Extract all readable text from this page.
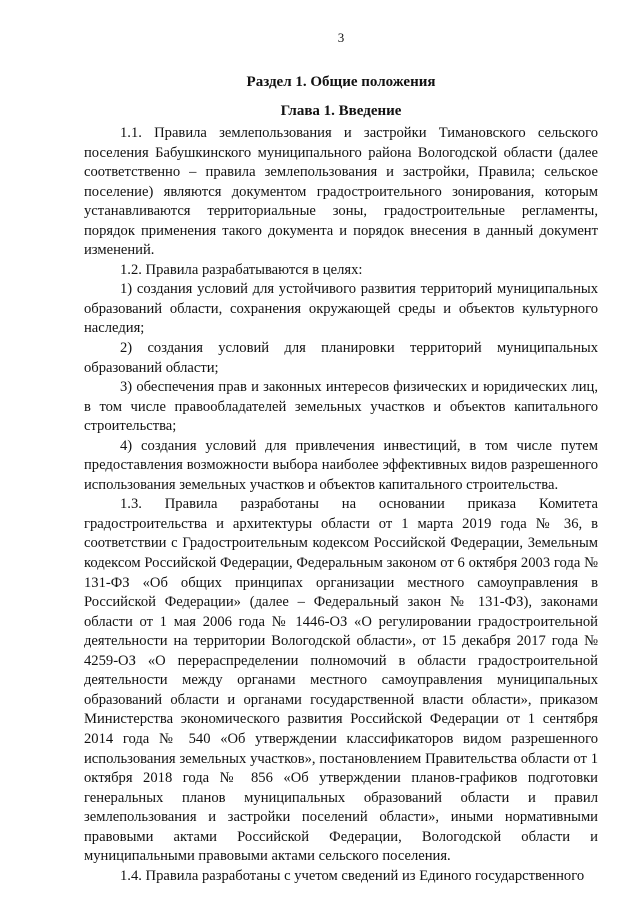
3
Раздел 1. Общие положения
Глава 1. Введение

1.1. Правила землепользования и застройки Тимановского сельского поселения Бабушкинского муниципального района Вологодской области (далее соответственно – правила землепользования и застройки, Правила; сельское поселение) являются документом градостроительного зонирования, которым устанавливаются территориальные зоны, градостроительные регламенты, порядок применения такого документа и порядок внесения в данный документ изменений.

1.2. Правила разрабатываются в целях:

1) создания условий для устойчивого развития территорий муниципальных образований области, сохранения окружающей среды и объектов культурного наследия;

2) создания условий для планировки территорий муниципальных образований области;

3) обеспечения прав и законных интересов физических и юридических лиц, в том числе правообладателей земельных участков и объектов капитального строительства;

4) создания условий для привлечения инвестиций, в том числе путем предоставления возможности выбора наиболее эффективных видов разрешенного использования земельных участков и объектов капитального строительства.

1.3. Правила разработаны на основании приказа Комитета градостроительства и архитектуры области от 1 марта 2019 года № 36, в соответствии с Градостроительным кодексом Российской Федерации, Земельным кодексом Российской Федерации, Федеральным законом от 6 октября 2003 года № 131-ФЗ «Об общих принципах организации местного самоуправления в Российской Федерации» (далее – Федеральный закон № 131-ФЗ), законами области от 1 мая 2006 года № 1446-ОЗ «О регулировании градостроительной деятельности на территории Вологодской области», от 15 декабря 2017 года № 4259-ОЗ «О перераспределении полномочий в области градостроительной деятельности между органами местного самоуправления муниципальных образований области и органами государственной власти области», приказом Министерства экономического развития Российской Федерации от 1 сентября 2014 года № 540 «Об утверждении классификаторов видом разрешенного использования земельных участков», постановлением Правительства области от 1 октября 2018 года № 856 «Об утверждении планов-графиков подготовки генеральных планов муниципальных образований области и правил землепользования и застройки поселений области», иными нормативными правовыми актами Российской Федерации, Вологодской области и муниципальными правовыми актами сельского поселения.

1.4. Правила разработаны с учетом сведений из Единого государственного
